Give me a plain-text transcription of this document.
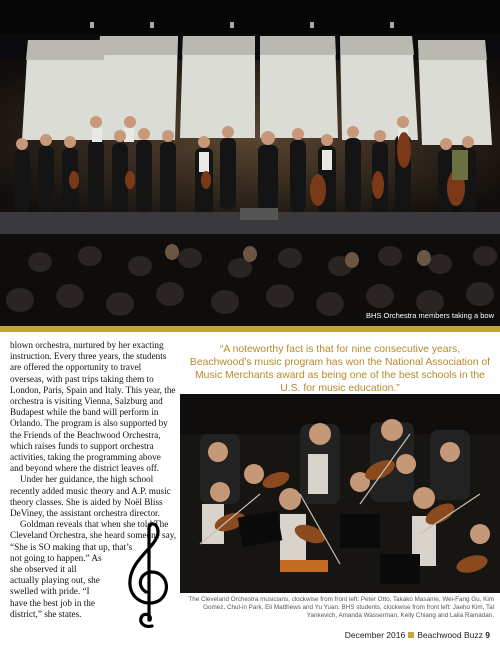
BHS Orchestra members taking a bow

blown orchestra, nurtured by her exacting instruction. Every three years, the students are offered the opportunity to travel overseas, with past trips taking them to London, Paris, Spain and Italy. This year, the orchestra is visiting Vienna, Salzburg and Budapest while the band will perform in Orlando. The program is also supported by the Friends of the Beachwood Orchestra, which raises funds to support orchestra activities, taking the programming above and beyond where the district leaves off.

Under her guidance, the high school recently added music theory and A.P. music theory classes. She is aided by Noël Bliss DeViney, the assistant orchestra director.

Goldman reveals that when she told The Cleveland Orchestra, she heard someone say, “She is SO making that up, that’s

not going to happen.” As she observed it all actually playing out, she swelled with pride. “I have the best job in the district,” she states.

“A noteworthy fact is that for nine consecutive years, Beachwood’s music program has won the National Association of Music Merchants award as being one of the best schools in the U.S. for music education.”
The Cleveland Orchestra musicians, clockwise from front left: Peter Otto, Takako Masame, Wei-Fang Gu, Kim Gomez, Chul-in Park, Eli Matthews and Yu Yuan. BHS students, clockwise from front left: Jaeho Kim, Tal Yankevich, Amanda Wasserman, Kelly Chiang and Laila Ramadan.
December 2016 Beachwood Buzz 9
